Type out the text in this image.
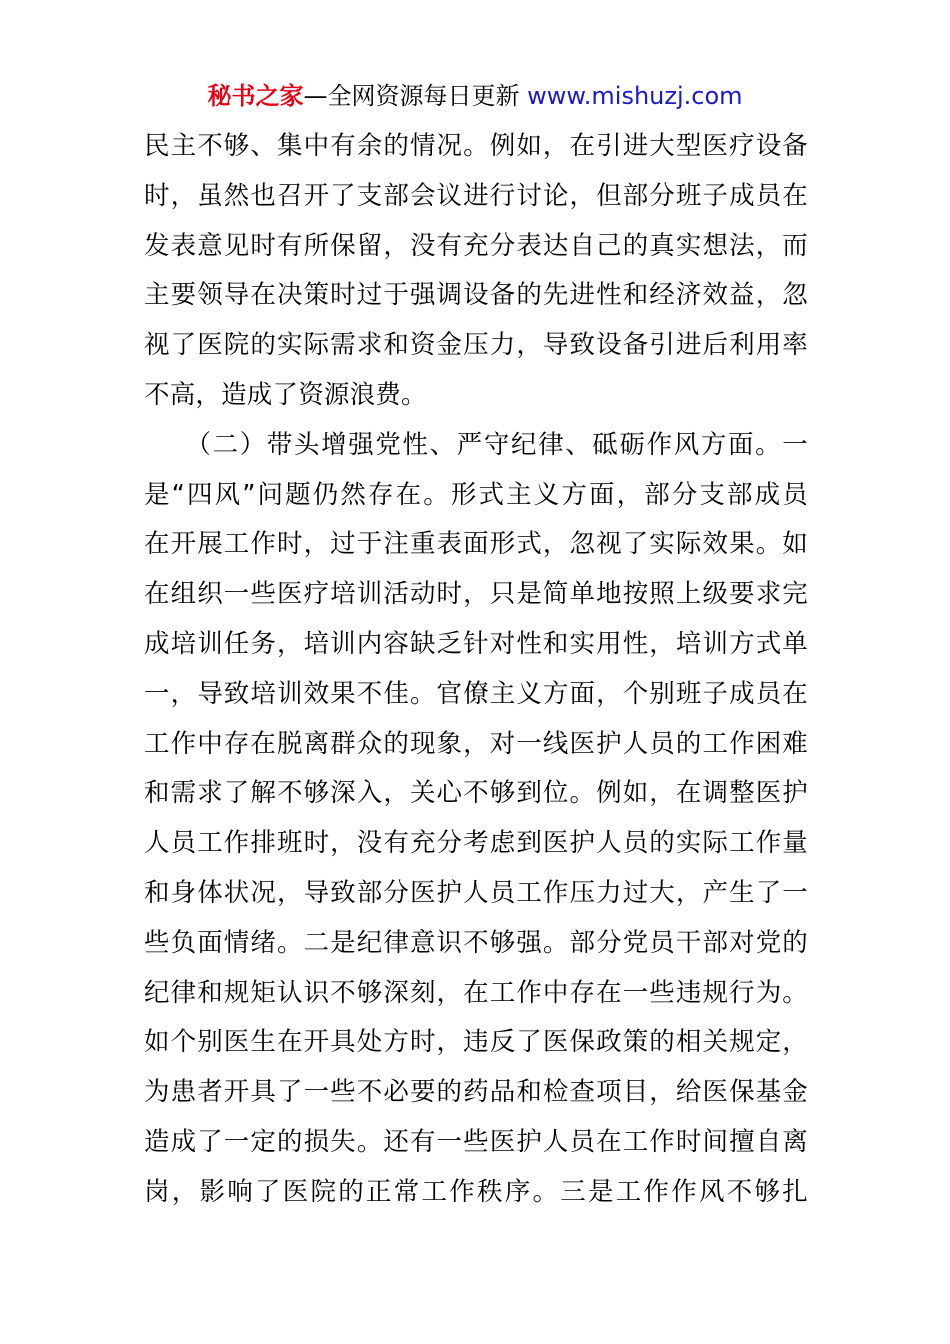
秘书之家—全网资源每日更新 www.mishuzj.com
民主不够、集中有余的情况。例如，在引进大型医疗设备
时，虽然也召开了支部会议进行讨论，但部分班子成员在
发表意见时有所保留，没有充分表达自己的真实想法，而
主要领导在决策时过于强调设备的先进性和经济效益，忽
视了医院的实际需求和资金压力，导致设备引进后利用率
不高，造成了资源浪费。
　　（二）带头增强党性、严守纪律、砥砺作风方面。一
是“四风”问题仍然存在。形式主义方面，部分支部成员
在开展工作时，过于注重表面形式，忽视了实际效果。如
在组织一些医疗培训活动时，只是简单地按照上级要求完
成培训任务，培训内容缺乏针对性和实用性，培训方式单
一，导致培训效果不佳。官僚主义方面，个别班子成员在
工作中存在脱离群众的现象，对一线医护人员的工作困难
和需求了解不够深入，关心不够到位。例如，在调整医护
人员工作排班时，没有充分考虑到医护人员的实际工作量
和身体状况，导致部分医护人员工作压力过大，产生了一
些负面情绪。二是纪律意识不够强。部分党员干部对党的
纪律和规矩认识不够深刻，在工作中存在一些违规行为。
如个别医生在开具处方时，违反了医保政策的相关规定，
为患者开具了一些不必要的药品和检查项目，给医保基金
造成了一定的损失。还有一些医护人员在工作时间擅自离
岗，影响了医院的正常工作秩序。三是工作作风不够扎
